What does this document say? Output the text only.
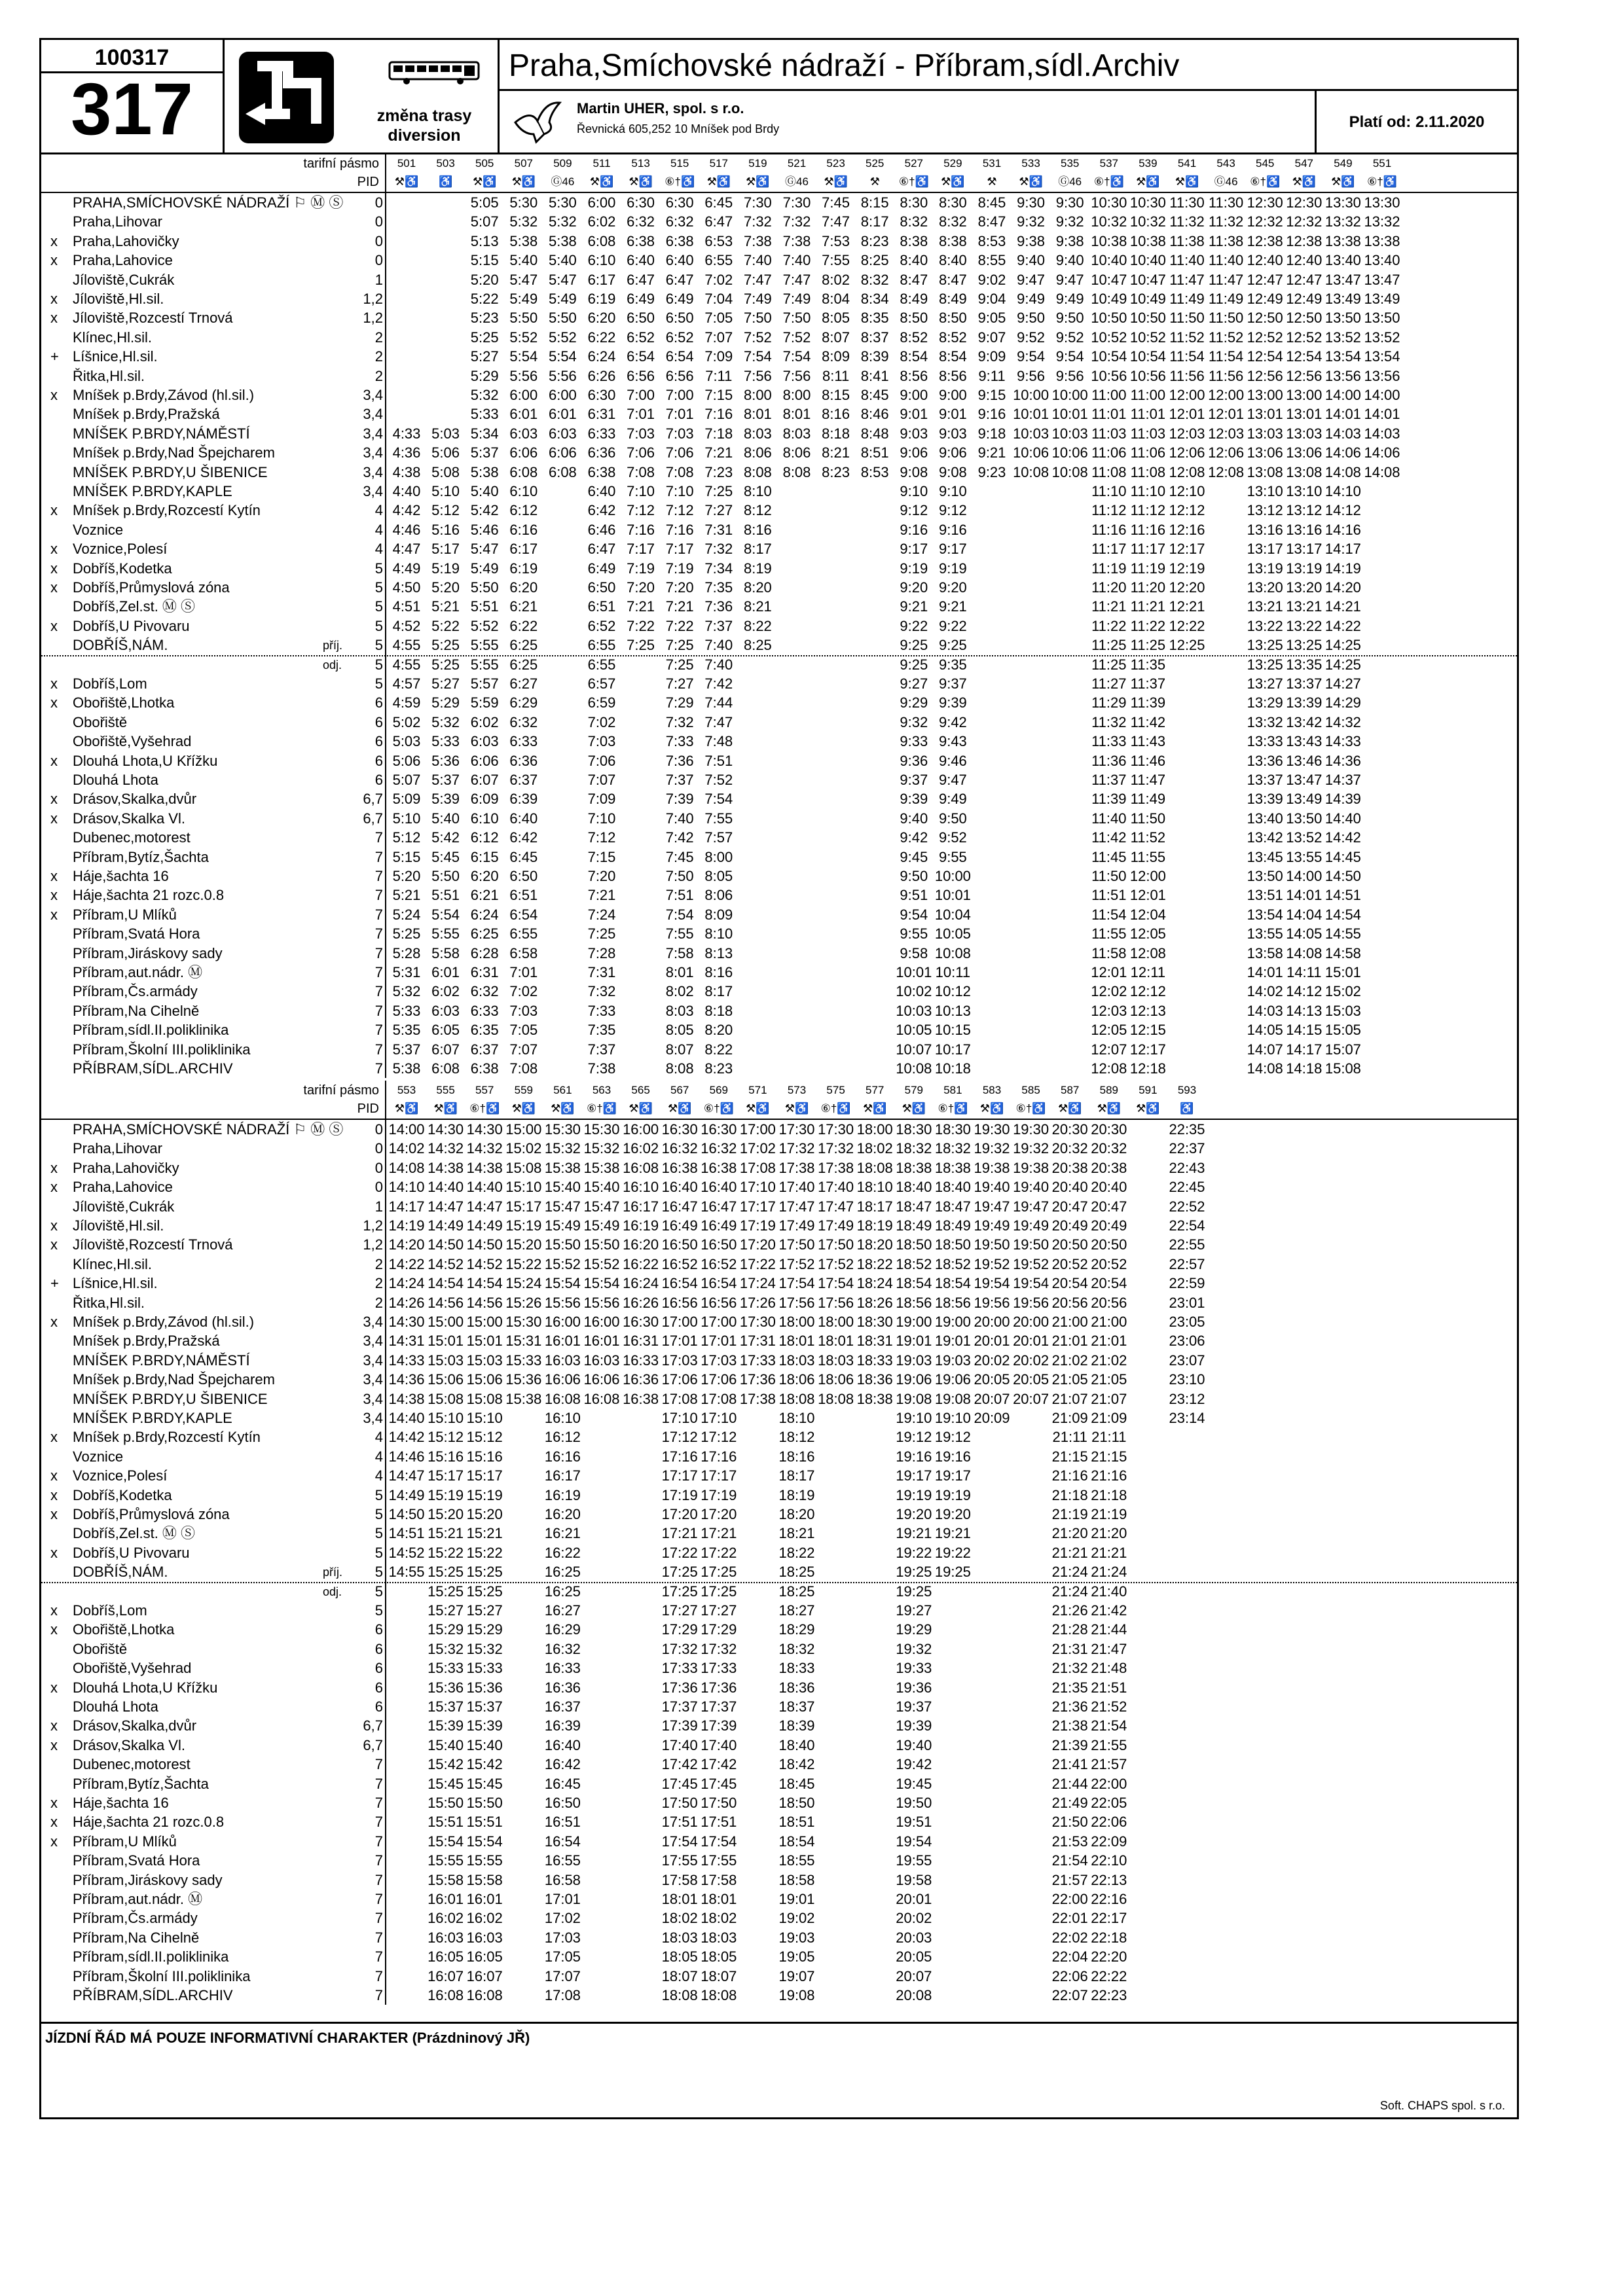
100317
317	změna trasy
diversion
Praha,Smíchovské nádraží - Příbram,sídl.Archiv
Martin UHER, spol. s r.o.
Řevnická 605,252 10 Mníšek pod Brdy	Platí od: 2.11.2020
tarifní pásmo	501	503	505	507	509	511	513	515	517	519	521	523	525	527	529	531	533	535	537	539	541	543	545	547	549	551
PID	⚒♿	♿	⚒♿	⚒♿	Ⓖ46	⚒♿	⚒♿	⑥†♿	⚒♿	⚒♿	Ⓖ46	⚒♿	⚒	⑥†♿	⚒♿	⚒	⚒♿	Ⓖ46	⑥†♿	⚒♿	⚒♿	Ⓖ46	⑥†♿	⚒♿	⚒♿	⑥†♿
PRAHA,SMÍCHOVSKÉ NÁDRAŽÍ ⚐ Ⓜ Ⓢ	0	5:05 5:30 5:30 6:00 6:30 6:30 6:45 7:30 7:30 7:45 8:15 8:30 8:30 8:45 9:30 9:30 10:30 10:30 11:30 11:30 12:30 12:30 13:30 13:30
Praha,Lihovar	0	5:07 5:32 5:32 6:02 6:32 6:32 6:47 7:32 7:32 7:47 8:17 8:32 8:32 8:47 9:32 9:32 10:32 10:32 11:32 11:32 12:32 12:32 13:32 13:32
x Praha,Lahovičky	0	5:13 5:38 5:38 6:08 6:38 6:38 6:53 7:38 7:38 7:53 8:23 8:38 8:38 8:53 9:38 9:38 10:38 10:38 11:38 11:38 12:38 12:38 13:38 13:38
x Praha,Lahovice	0	5:15 5:40 5:40 6:10 6:40 6:40 6:55 7:40 7:40 7:55 8:25 8:40 8:40 8:55 9:40 9:40 10:40 10:40 11:40 11:40 12:40 12:40 13:40 13:40
Jíloviště,Cukrák	1	5:20 5:47 5:47 6:17 6:47 6:47 7:02 7:47 7:47 8:02 8:32 8:47 8:47 9:02 9:47 9:47 10:47 10:47 11:47 11:47 12:47 12:47 13:47 13:47
x Jíloviště,Hl.sil.	1,2	5:22 5:49 5:49 6:19 6:49 6:49 7:04 7:49 7:49 8:04 8:34 8:49 8:49 9:04 9:49 9:49 10:49 10:49 11:49 11:49 12:49 12:49 13:49 13:49
x Jíloviště,Rozcestí Trnová	1,2	5:23 5:50 5:50 6:20 6:50 6:50 7:05 7:50 7:50 8:05 8:35 8:50 8:50 9:05 9:50 9:50 10:50 10:50 11:50 11:50 12:50 12:50 13:50 13:50
Klínec,Hl.sil.	2	5:25 5:52 5:52 6:22 6:52 6:52 7:07 7:52 7:52 8:07 8:37 8:52 8:52 9:07 9:52 9:52 10:52 10:52 11:52 11:52 12:52 12:52 13:52 13:52
+ Líšnice,Hl.sil.	2	5:27 5:54 5:54 6:24 6:54 6:54 7:09 7:54 7:54 8:09 8:39 8:54 8:54 9:09 9:54 9:54 10:54 10:54 11:54 11:54 12:54 12:54 13:54 13:54
Řitka,Hl.sil.	2	5:29 5:56 5:56 6:26 6:56 6:56 7:11 7:56 7:56 8:11 8:41 8:56 8:56 9:11 9:56 9:56 10:56 10:56 11:56 11:56 12:56 12:56 13:56 13:56
x Mníšek p.Brdy,Závod (hl.sil.)	3,4	5:32 6:00 6:00 6:30 7:00 7:00 7:15 8:00 8:00 8:15 8:45 9:00 9:00 9:15 10:00 10:00 11:00 11:00 12:00 12:00 13:00 13:00 14:00 14:00
Mníšek p.Brdy,Pražská	3,4	5:33 6:01 6:01 6:31 7:01 7:01 7:16 8:01 8:01 8:16 8:46 9:01 9:01 9:16 10:01 10:01 11:01 11:01 12:01 12:01 13:01 13:01 14:01 14:01
MNÍŠEK P.BRDY,NÁMĚSTÍ	3,4 4:33 5:03 5:34 6:03 6:03 6:33 7:03 7:03 7:18 8:03 8:03 8:18 8:48 9:03 9:03 9:18 10:03 10:03 11:03 11:03 12:03 12:03 13:03 13:03 14:03 14:03
Mníšek p.Brdy,Nad Špejcharem	3,4 4:36 5:06 5:37 6:06 6:06 6:36 7:06 7:06 7:21 8:06 8:06 8:21 8:51 9:06 9:06 9:21 10:06 10:06 11:06 11:06 12:06 12:06 13:06 13:06 14:06 14:06
MNÍŠEK P.BRDY,U ŠIBENICE	3,4 4:38 5:08 5:38 6:08 6:08 6:38 7:08 7:08 7:23 8:08 8:08 8:23 8:53 9:08 9:08 9:23 10:08 10:08 11:08 11:08 12:08 12:08 13:08 13:08 14:08 14:08
MNÍŠEK P.BRDY,KAPLE	3,4 4:40 5:10 5:40 6:10	6:40 7:10 7:10 7:25 8:10	9:10 9:10	11:10 11:10 12:10	13:10 13:10 14:10
x Mníšek p.Brdy,Rozcestí Kytín	4 4:42 5:12 5:42 6:12	6:42 7:12 7:12 7:27 8:12	9:12 9:12	11:12 11:12 12:12	13:12 13:12 14:12
Voznice	4 4:46 5:16 5:46 6:16	6:46 7:16 7:16 7:31 8:16	9:16 9:16	11:16 11:16 12:16	13:16 13:16 14:16
x Voznice,Polesí	4 4:47 5:17 5:47 6:17	6:47 7:17 7:17 7:32 8:17	9:17 9:17	11:17 11:17 12:17	13:17 13:17 14:17
x Dobříš,Kodetka	5 4:49 5:19 5:49 6:19	6:49 7:19 7:19 7:34 8:19	9:19 9:19	11:19 11:19 12:19	13:19 13:19 14:19
x Dobříš,Průmyslová zóna	5 4:50 5:20 5:50 6:20	6:50 7:20 7:20 7:35 8:20	9:20 9:20	11:20 11:20 12:20	13:20 13:20 14:20
Dobříš,Zel.st. Ⓜ Ⓢ	5 4:51 5:21 5:51 6:21	6:51 7:21 7:21 7:36 8:21	9:21 9:21	11:21 11:21 12:21	13:21 13:21 14:21
x Dobříš,U Pivovaru	5 4:52 5:22 5:52 6:22	6:52 7:22 7:22 7:37 8:22	9:22 9:22	11:22 11:22 12:22	13:22 13:22 14:22
DOBŘÍŠ,NÁM.	příj.	5 4:55 5:25 5:55 6:25	6:55 7:25 7:25 7:40 8:25	9:25 9:25	11:25 11:25 12:25	13:25 13:25 14:25
odj.	5 4:55 5:25 5:55 6:25	6:55	7:25 7:40	9:25 9:35	11:25 11:35	13:25 13:35 14:25
x Dobříš,Lom	5 4:57 5:27 5:57 6:27	6:57	7:27 7:42	9:27 9:37	11:27 11:37	13:27 13:37 14:27
x Obořiště,Lhotka	6 4:59 5:29 5:59 6:29	6:59	7:29 7:44	9:29 9:39	11:29 11:39	13:29 13:39 14:29
Obořiště	6 5:02 5:32 6:02 6:32	7:02	7:32 7:47	9:32 9:42	11:32 11:42	13:32 13:42 14:32
Obořiště,Vyšehrad	6 5:03 5:33 6:03 6:33	7:03	7:33 7:48	9:33 9:43	11:33 11:43	13:33 13:43 14:33
x Dlouhá Lhota,U Křížku	6 5:06 5:36 6:06 6:36	7:06	7:36 7:51	9:36 9:46	11:36 11:46	13:36 13:46 14:36
Dlouhá Lhota	6 5:07 5:37 6:07 6:37	7:07	7:37 7:52	9:37 9:47	11:37 11:47	13:37 13:47 14:37
x Drásov,Skalka,dvůr	6,7 5:09 5:39 6:09 6:39	7:09	7:39 7:54	9:39 9:49	11:39 11:49	13:39 13:49 14:39
x Drásov,Skalka Vl.	6,7 5:10 5:40 6:10 6:40	7:10	7:40 7:55	9:40 9:50	11:40 11:50	13:40 13:50 14:40
Dubenec,motorest	7 5:12 5:42 6:12 6:42	7:12	7:42 7:57	9:42 9:52	11:42 11:52	13:42 13:52 14:42
Příbram,Bytíz,Šachta	7 5:15 5:45 6:15 6:45	7:15	7:45 8:00	9:45 9:55	11:45 11:55	13:45 13:55 14:45
x Háje,šachta 16	7 5:20 5:50 6:20 6:50	7:20	7:50 8:05	9:50 10:00	11:50 12:00	13:50 14:00 14:50
x Háje,šachta 21 rozc.0.8	7 5:21 5:51 6:21 6:51	7:21	7:51 8:06	9:51 10:01	11:51 12:01	13:51 14:01 14:51
x Příbram,U Mlíků	7 5:24 5:54 6:24 6:54	7:24	7:54 8:09	9:54 10:04	11:54 12:04	13:54 14:04 14:54
Příbram,Svatá Hora	7 5:25 5:55 6:25 6:55	7:25	7:55 8:10	9:55 10:05	11:55 12:05	13:55 14:05 14:55
Příbram,Jiráskovy sady	7 5:28 5:58 6:28 6:58	7:28	7:58 8:13	9:58 10:08	11:58 12:08	13:58 14:08 14:58
Příbram,aut.nádr. Ⓜ	7 5:31 6:01 6:31 7:01	7:31	8:01 8:16	10:01 10:11	12:01 12:11	14:01 14:11 15:01
Příbram,Čs.armády	7 5:32 6:02 6:32 7:02	7:32	8:02 8:17	10:02 10:12	12:02 12:12	14:02 14:12 15:02
Příbram,Na Cihelně	7 5:33 6:03 6:33 7:03	7:33	8:03 8:18	10:03 10:13	12:03 12:13	14:03 14:13 15:03
Příbram,sídl.II.poliklinika	7 5:35 6:05 6:35 7:05	7:35	8:05 8:20	10:05 10:15	12:05 12:15	14:05 14:15 15:05
Příbram,Školní III.poliklinika	7 5:37 6:07 6:37 7:07	7:37	8:07 8:22	10:07 10:17	12:07 12:17	14:07 14:17 15:07
PŘÍBRAM,SÍDL.ARCHIV	7 5:38 6:08 6:38 7:08	7:38	8:08 8:23	10:08 10:18	12:08 12:18	14:08 14:18 15:08
tarifní pásmo	553	555	557	559	561	563	565	567	569	571	573	575	577	579	581	583	585	587	589	591	593
PID	⚒♿	⚒♿	⑥†♿	⚒♿	⚒♿	⑥†♿	⚒♿	⚒♿	⑥†♿	⚒♿	⚒♿	⑥†♿	⚒♿	⚒♿	⑥†♿	⚒♿	⑥†♿	⚒♿	⚒♿	⚒♿	♿
PRAHA,SMÍCHOVSKÉ NÁDRAŽÍ ⚐ Ⓜ Ⓢ	0 14:00 14:30 14:30 15:00 15:30 15:30 16:00 16:30 16:30 17:00 17:30 17:30 18:00 18:30 18:30 19:30 19:30 20:30 20:30	22:35
Praha,Lihovar	0 14:02 14:32 14:32 15:02 15:32 15:32 16:02 16:32 16:32 17:02 17:32 17:32 18:02 18:32 18:32 19:32 19:32 20:32 20:32	22:37
x Praha,Lahovičky	0 14:08 14:38 14:38 15:08 15:38 15:38 16:08 16:38 16:38 17:08 17:38 17:38 18:08 18:38 18:38 19:38 19:38 20:38 20:38	22:43
x Praha,Lahovice	0 14:10 14:40 14:40 15:10 15:40 15:40 16:10 16:40 16:40 17:10 17:40 17:40 18:10 18:40 18:40 19:40 19:40 20:40 20:40	22:45
Jíloviště,Cukrák	1 14:17 14:47 14:47 15:17 15:47 15:47 16:17 16:47 16:47 17:17 17:47 17:47 18:17 18:47 18:47 19:47 19:47 20:47 20:47	22:52
x Jíloviště,Hl.sil.	1,2 14:19 14:49 14:49 15:19 15:49 15:49 16:19 16:49 16:49 17:19 17:49 17:49 18:19 18:49 18:49 19:49 19:49 20:49 20:49	22:54
x Jíloviště,Rozcestí Trnová	1,2 14:20 14:50 14:50 15:20 15:50 15:50 16:20 16:50 16:50 17:20 17:50 17:50 18:20 18:50 18:50 19:50 19:50 20:50 20:50	22:55
Klínec,Hl.sil.	2 14:22 14:52 14:52 15:22 15:52 15:52 16:22 16:52 16:52 17:22 17:52 17:52 18:22 18:52 18:52 19:52 19:52 20:52 20:52	22:57
+ Líšnice,Hl.sil.	2 14:24 14:54 14:54 15:24 15:54 15:54 16:24 16:54 16:54 17:24 17:54 17:54 18:24 18:54 18:54 19:54 19:54 20:54 20:54	22:59
Řitka,Hl.sil.	2 14:26 14:56 14:56 15:26 15:56 15:56 16:26 16:56 16:56 17:26 17:56 17:56 18:26 18:56 18:56 19:56 19:56 20:56 20:56	23:01
x Mníšek p.Brdy,Závod (hl.sil.)	3,4 14:30 15:00 15:00 15:30 16:00 16:00 16:30 17:00 17:00 17:30 18:00 18:00 18:30 19:00 19:00 20:00 20:00 21:00 21:00	23:05
Mníšek p.Brdy,Pražská	3,4 14:31 15:01 15:01 15:31 16:01 16:01 16:31 17:01 17:01 17:31 18:01 18:01 18:31 19:01 19:01 20:01 20:01 21:01 21:01	23:06
MNÍŠEK P.BRDY,NÁMĚSTÍ	3,4 14:33 15:03 15:03 15:33 16:03 16:03 16:33 17:03 17:03 17:33 18:03 18:03 18:33 19:03 19:03 20:02 20:02 21:02 21:02	23:07
Mníšek p.Brdy,Nad Špejcharem	3,4 14:36 15:06 15:06 15:36 16:06 16:06 16:36 17:06 17:06 17:36 18:06 18:06 18:36 19:06 19:06 20:05 20:05 21:05 21:05	23:10
MNÍŠEK P.BRDY,U ŠIBENICE	3,4 14:38 15:08 15:08 15:38 16:08 16:08 16:38 17:08 17:08 17:38 18:08 18:08 18:38 19:08 19:08 20:07 20:07 21:07 21:07	23:12
MNÍŠEK P.BRDY,KAPLE	3,4 14:40 15:10 15:10	16:10	17:10 17:10	18:10	19:10 19:10 20:09	21:09 21:09	23:14
x Mníšek p.Brdy,Rozcestí Kytín	4 14:42 15:12 15:12	16:12	17:12 17:12	18:12	19:12 19:12	21:11 21:11
Voznice	4 14:46 15:16 15:16	16:16	17:16 17:16	18:16	19:16 19:16	21:15 21:15
x Voznice,Polesí	4 14:47 15:17 15:17	16:17	17:17 17:17	18:17	19:17 19:17	21:16 21:16
x Dobříš,Kodetka	5 14:49 15:19 15:19	16:19	17:19 17:19	18:19	19:19 19:19	21:18 21:18
x Dobříš,Průmyslová zóna	5 14:50 15:20 15:20	16:20	17:20 17:20	18:20	19:20 19:20	21:19 21:19
Dobříš,Zel.st. Ⓜ Ⓢ	5 14:51 15:21 15:21	16:21	17:21 17:21	18:21	19:21 19:21	21:20 21:20
x Dobříš,U Pivovaru	5 14:52 15:22 15:22	16:22	17:22 17:22	18:22	19:22 19:22	21:21 21:21
DOBŘÍŠ,NÁM.	příj.	5 14:55 15:25 15:25	16:25	17:25 17:25	18:25	19:25 19:25	21:24 21:24
odj.	5	15:25 15:25	16:25	17:25 17:25	18:25	19:25	21:24 21:40
x Dobříš,Lom	5	15:27 15:27	16:27	17:27 17:27	18:27	19:27	21:26 21:42
x Obořiště,Lhotka	6	15:29 15:29	16:29	17:29 17:29	18:29	19:29	21:28 21:44
Obořiště	6	15:32 15:32	16:32	17:32 17:32	18:32	19:32	21:31 21:47
Obořiště,Vyšehrad	6	15:33 15:33	16:33	17:33 17:33	18:33	19:33	21:32 21:48
x Dlouhá Lhota,U Křížku	6	15:36 15:36	16:36	17:36 17:36	18:36	19:36	21:35 21:51
Dlouhá Lhota	6	15:37 15:37	16:37	17:37 17:37	18:37	19:37	21:36 21:52
x Drásov,Skalka,dvůr	6,7	15:39 15:39	16:39	17:39 17:39	18:39	19:39	21:38 21:54
x Drásov,Skalka Vl.	6,7	15:40 15:40	16:40	17:40 17:40	18:40	19:40	21:39 21:55
Dubenec,motorest	7	15:42 15:42	16:42	17:42 17:42	18:42	19:42	21:41 21:57
Příbram,Bytíz,Šachta	7	15:45 15:45	16:45	17:45 17:45	18:45	19:45	21:44 22:00
x Háje,šachta 16	7	15:50 15:50	16:50	17:50 17:50	18:50	19:50	21:49 22:05
x Háje,šachta 21 rozc.0.8	7	15:51 15:51	16:51	17:51 17:51	18:51	19:51	21:50 22:06
x Příbram,U Mlíků	7	15:54 15:54	16:54	17:54 17:54	18:54	19:54	21:53 22:09
Příbram,Svatá Hora	7	15:55 15:55	16:55	17:55 17:55	18:55	19:55	21:54 22:10
Příbram,Jiráskovy sady	7	15:58 15:58	16:58	17:58 17:58	18:58	19:58	21:57 22:13
Příbram,aut.nádr. Ⓜ	7	16:01 16:01	17:01	18:01 18:01	19:01	20:01	22:00 22:16
Příbram,Čs.armády	7	16:02 16:02	17:02	18:02 18:02	19:02	20:02	22:01 22:17
Příbram,Na Cihelně	7	16:03 16:03	17:03	18:03 18:03	19:03	20:03	22:02 22:18
Příbram,sídl.II.poliklinika	7	16:05 16:05	17:05	18:05 18:05	19:05	20:05	22:04 22:20
Příbram,Školní III.poliklinika	7	16:07 16:07	17:07	18:07 18:07	19:07	20:07	22:06 22:22
PŘÍBRAM,SÍDL.ARCHIV	7	16:08 16:08	17:08	18:08 18:08	19:08	20:08	22:07 22:23
JÍZDNÍ ŘÁD MÁ POUZE INFORMATIVNÍ CHARAKTER (Prázdninový JŘ)
Soft. CHAPS spol. s r.o.
